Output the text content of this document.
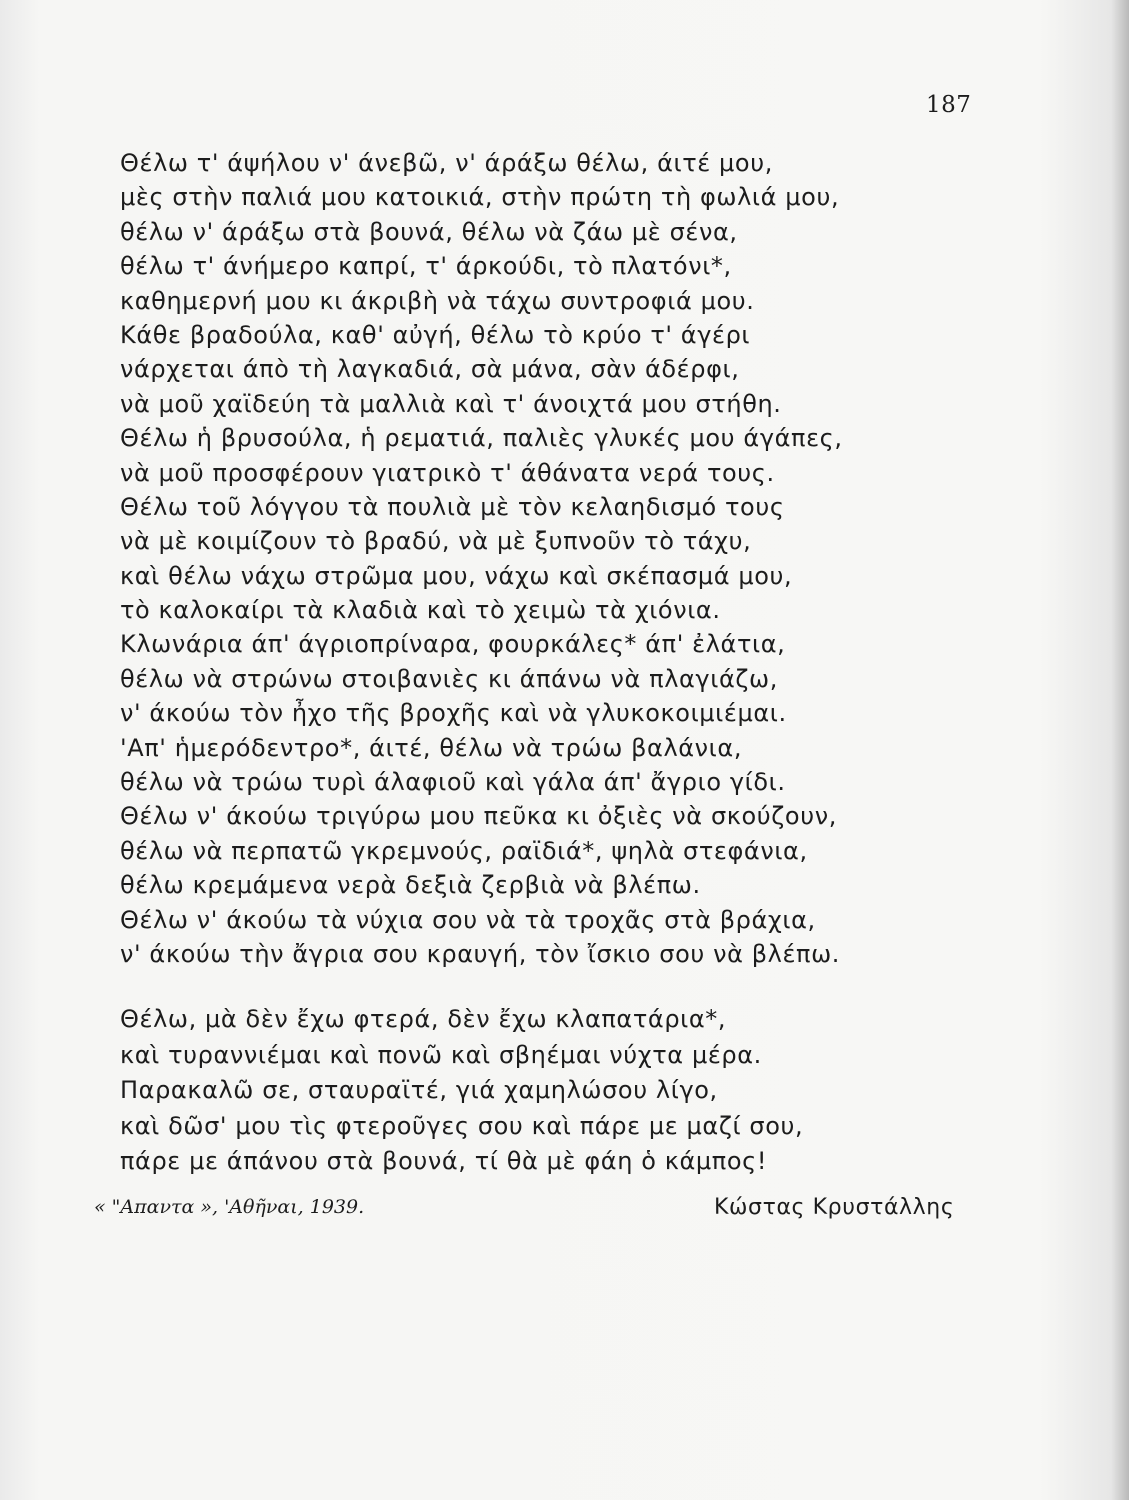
187
Θέλω τ' άψήλου ν' άνεβῶ, ν' άράξω θέλω, άιτέ μου,
μὲς στὴν παλιά μου κατοικιά, στὴν πρώτη τὴ φωλιά μου,
θέλω ν' άράξω στὰ βουνά, θέλω νὰ ζάω μὲ σένα,
θέλω τ' άνήμερο καπρί, τ' άρκούδι, τὸ πλατόνι*,
καθημερνή μου κι άκριβὴ νὰ τάχω συντροφιά μου.
Κάθε βραδούλα, καθ' αὐγή, θέλω τὸ κρύο τ' άγέρι
νάρχεται άπὸ τὴ λαγκαδιά, σὰ μάνα, σὰν άδέρφι,
νὰ μοῦ χαϊδεύη τὰ μαλλιὰ καὶ τ' άνοιχτά μου στήθη.
Θέλω ἡ βρυσούλα, ἡ ρεματιά, παλιὲς γλυκές μου άγάπες,
νὰ μοῦ προσφέρουν γιατρικὸ τ' άθάνατα νερά τους.
Θέλω τοῦ λόγγου τὰ πουλιὰ μὲ τὸν κελαηδισμό τους
νὰ μὲ κοιμίζουν τὸ βραδύ, νὰ μὲ ξυπνοῦν τὸ τάχυ,
καὶ θέλω νάχω στρῶμα μου, νάχω καὶ σκέπασμά μου,
τὸ καλοκαίρι τὰ κλαδιὰ καὶ τὸ χειμὼ τὰ χιόνια.
Κλωνάρια άπ' άγριοπρίναρα, φουρκάλες* άπ' ἐλάτια,
θέλω νὰ στρώνω στοιβανιὲς κι άπάνω νὰ πλαγιάζω,
ν' άκούω τὸν ἦχο τῆς βροχῆς καὶ νὰ γλυκοκοιμιέμαι.
'Απ' ἡμερόδεντρο*, άιτέ, θέλω νὰ τρώω βαλάνια,
θέλω νὰ τρώω τυρὶ άλαφιοῦ καὶ γάλα άπ' ἄγριο γίδι.
Θέλω ν' άκούω τριγύρω μου πεῦκα κι ὀξιὲς νὰ σκούζουν,
θέλω νὰ περπατῶ γκρεμνούς, ραϊδιά*, ψηλὰ στεφάνια,
θέλω κρεμάμενα νερὰ δεξιὰ ζερβιὰ νὰ βλέπω.
Θέλω ν' άκούω τὰ νύχια σου νὰ τὰ τροχᾶς στὰ βράχια,
ν' άκούω τὴν ἄγρια σου κραυγή, τὸν ἴσκιο σου νὰ βλέπω.
Θέλω, μὰ δὲν ἔχω φτερά, δὲν ἔχω κλαπατάρια*,
καὶ τυραννιέμαι καὶ πονῶ καὶ σβηέμαι νύχτα μέρα.
Παρακαλῶ σε, σταυραϊτέ, γιά χαμηλώσου λίγο,
καὶ δῶσ' μου τὶς φτεροῦγες σου καὶ πάρε με μαζί σου,
πάρε με άπάνου στὰ βουνά, τί θὰ μὲ φάη ὁ κάμπος!
« "Απαντα », 'Αθῆναι, 1939.	Κώστας Κρυστάλλης
